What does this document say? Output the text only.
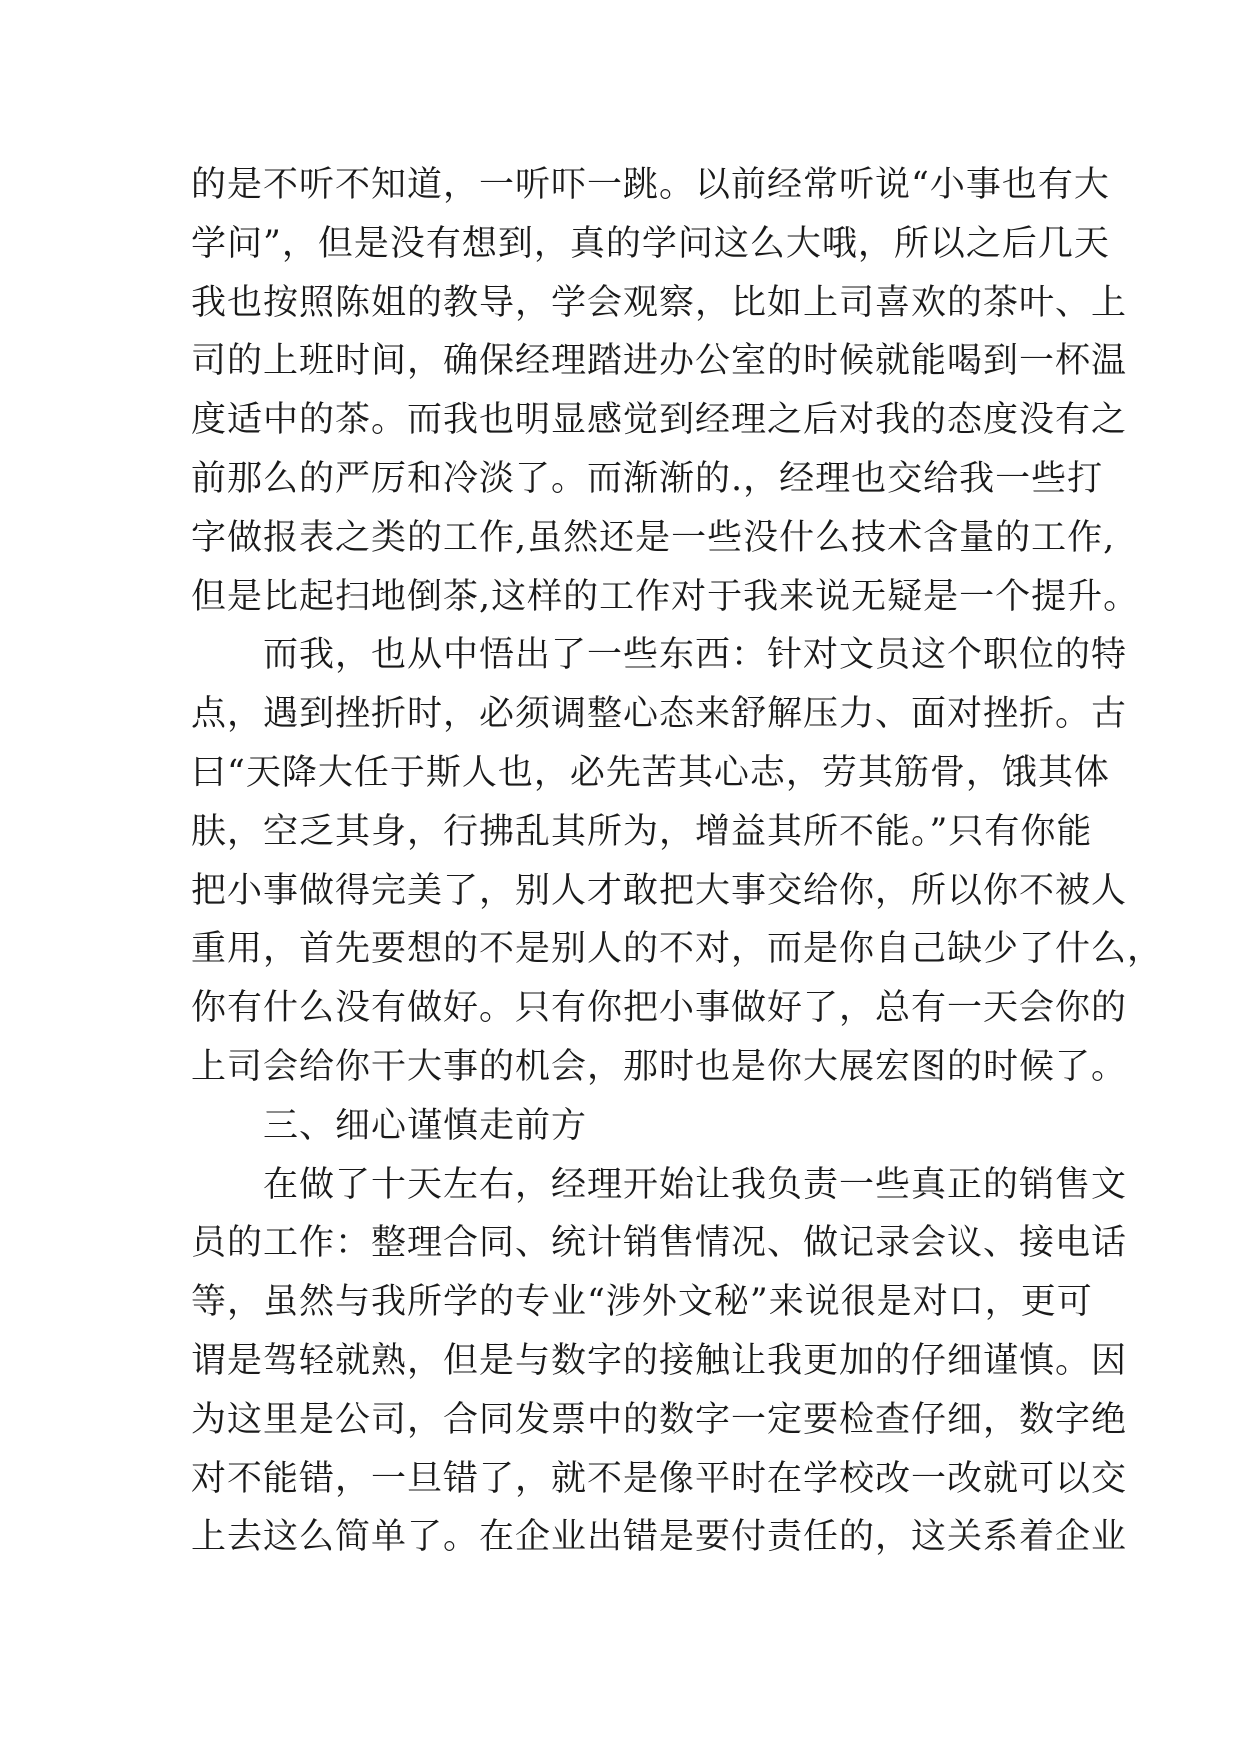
的是不听不知道，一听吓一跳。以前经常听说“小事也有大
学问”，但是没有想到，真的学问这么大哦，所以之后几天
我也按照陈姐的教导，学会观察，比如上司喜欢的茶叶、上
司的上班时间，确保经理踏进办公室的时候就能喝到一杯温
度适中的茶。而我也明显感觉到经理之后对我的态度没有之
前那么的严厉和冷淡了。而渐渐的.，经理也交给我一些打
字做报表之类的工作,虽然还是一些没什么技术含量的工作,
但是比起扫地倒茶,这样的工作对于我来说无疑是一个提升。
　　而我，也从中悟出了一些东西：针对文员这个职位的特
点，遇到挫折时，必须调整心态来舒解压力、面对挫折。古
曰“天降大任于斯人也，必先苦其心志，劳其筋骨，饿其体
肤，空乏其身，行拂乱其所为，增益其所不能。”只有你能
把小事做得完美了，别人才敢把大事交给你，所以你不被人
重用，首先要想的不是别人的不对，而是你自己缺少了什么，
你有什么没有做好。只有你把小事做好了，总有一天会你的
上司会给你干大事的机会，那时也是你大展宏图的时候了。
　　三、细心谨慎走前方
　　在做了十天左右，经理开始让我负责一些真正的销售文
员的工作：整理合同、统计销售情况、做记录会议、接电话
等，虽然与我所学的专业“涉外文秘”来说很是对口，更可
谓是驾轻就熟，但是与数字的接触让我更加的仔细谨慎。因
为这里是公司，合同发票中的数字一定要检查仔细，数字绝
对不能错，一旦错了，就不是像平时在学校改一改就可以交
上去这么简单了。在企业出错是要付责任的，这关系着企业
